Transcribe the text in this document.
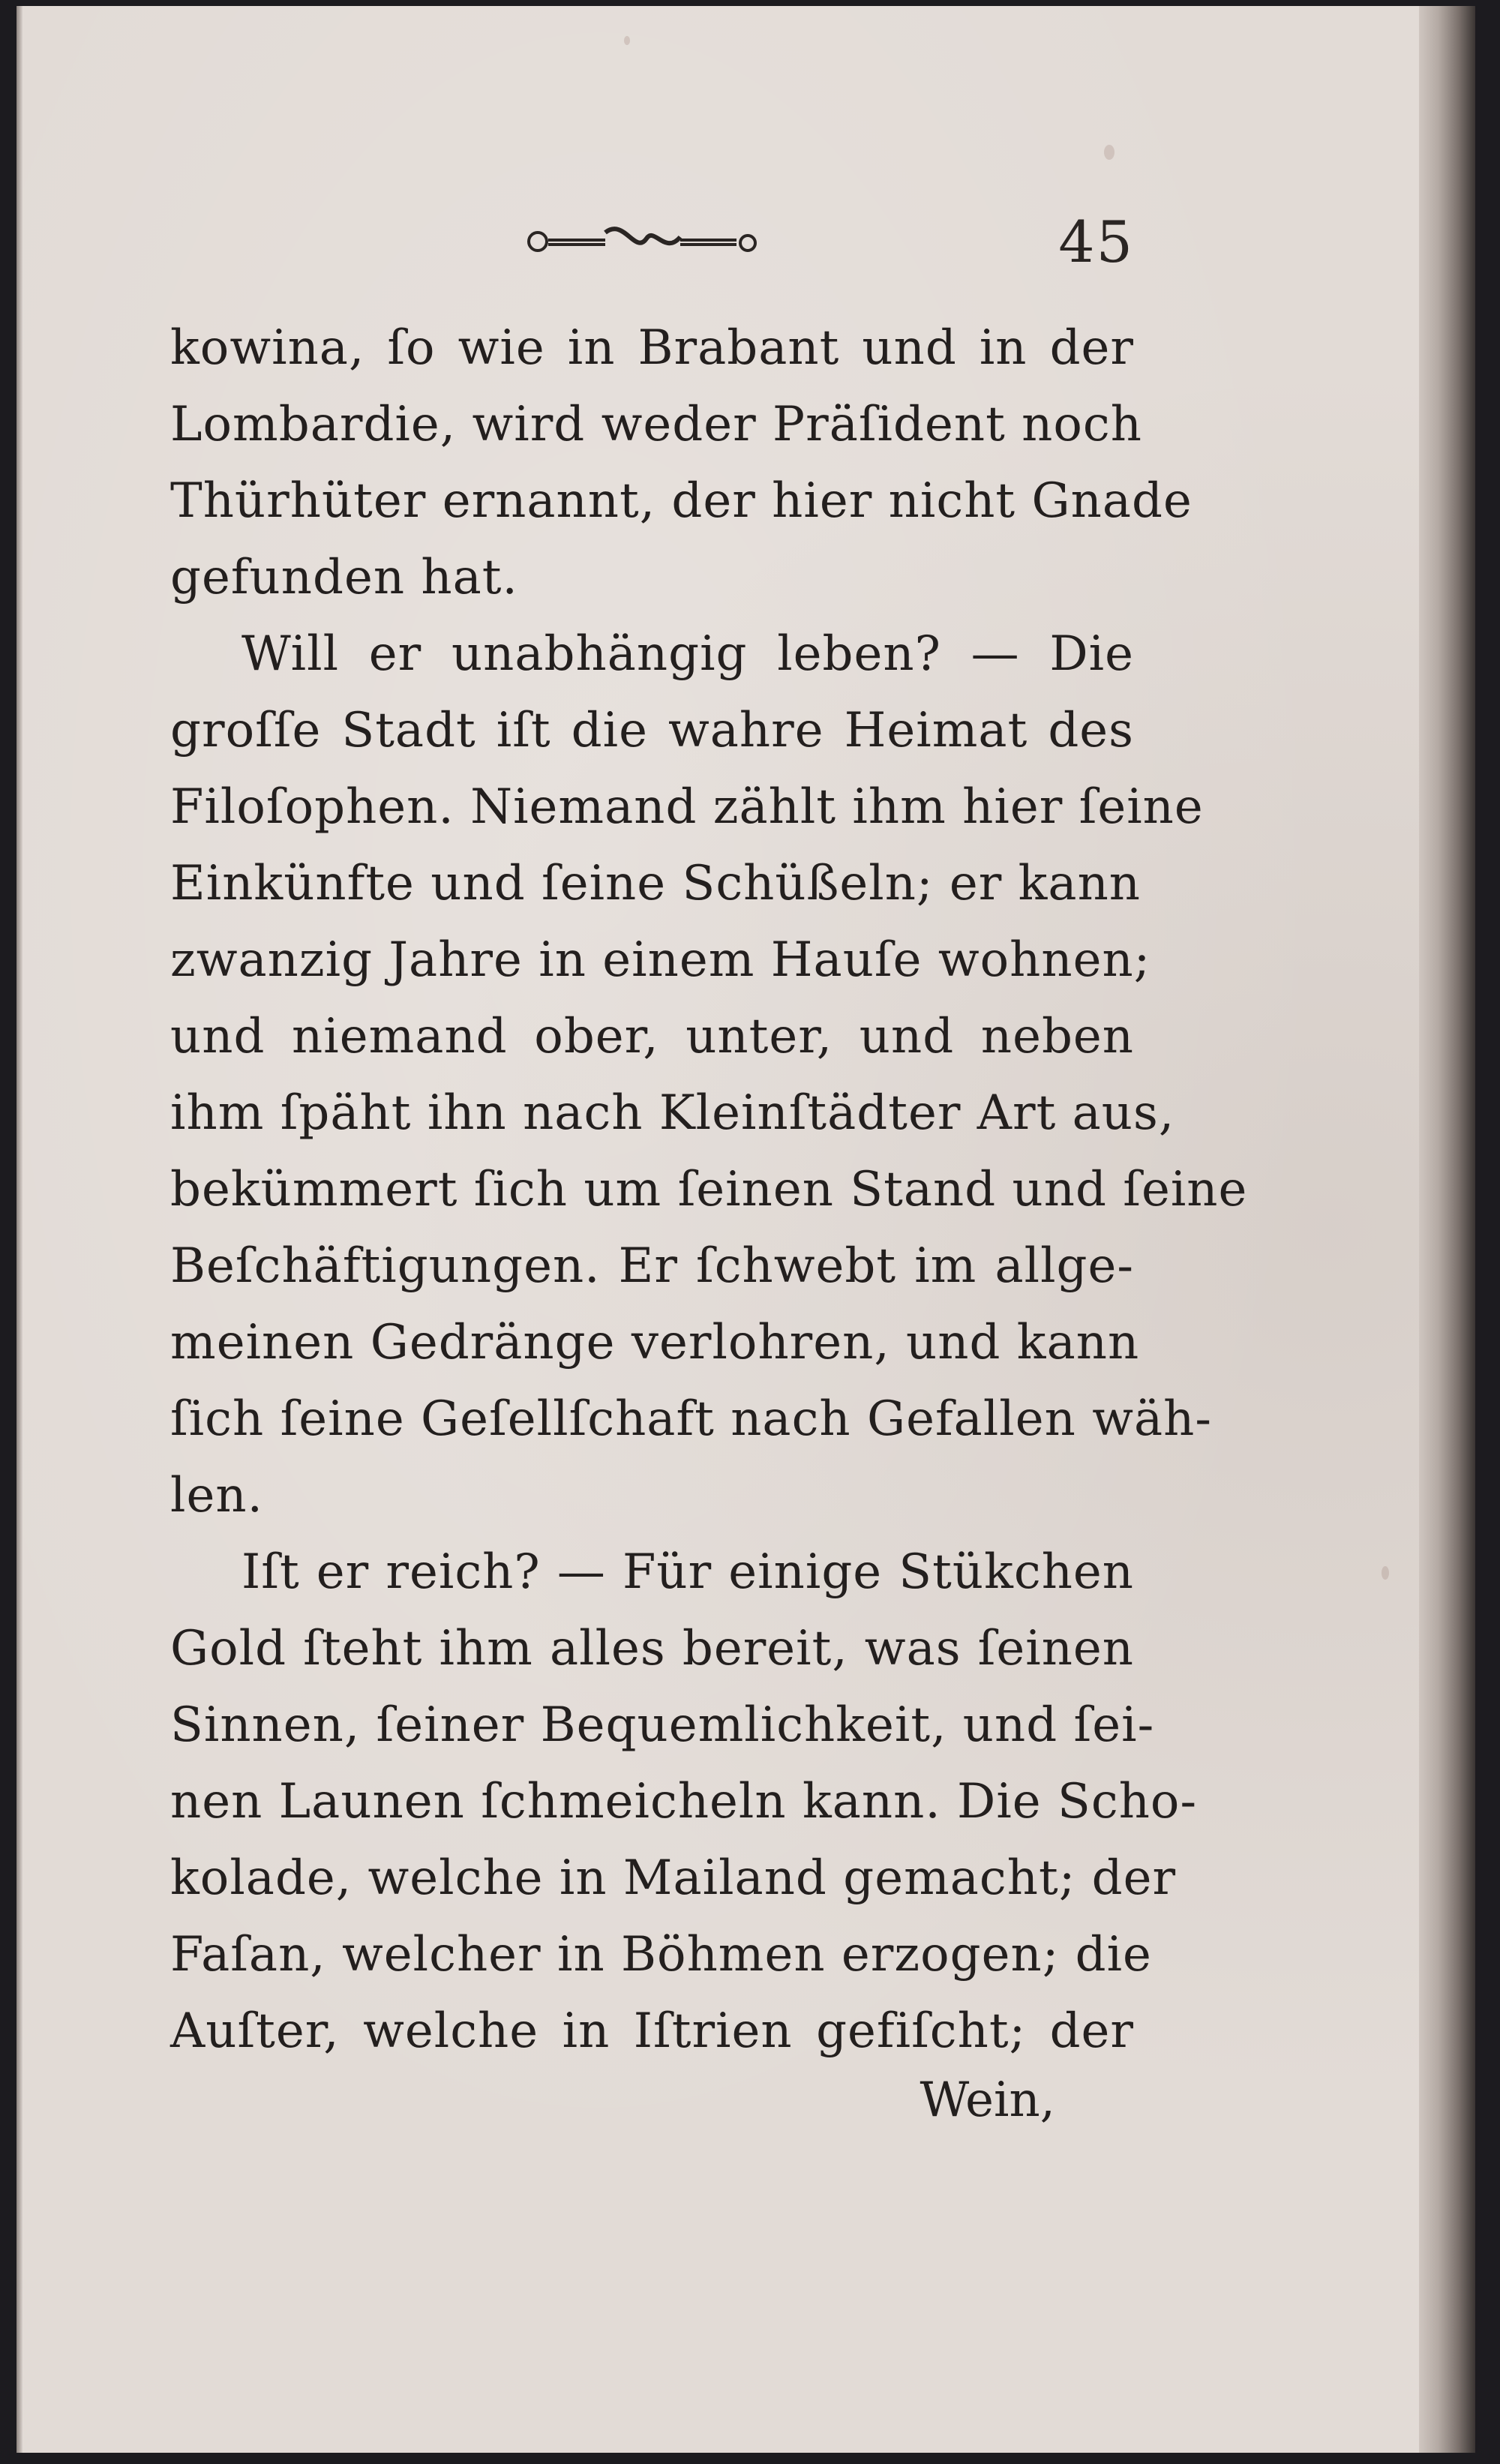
45
kowina, ſo wie in Brabant und in der
Lombardie, wird weder Präſident noch
Thürhüter ernannt, der hier nicht Gnade
gefunden hat.
Will er unabhängig leben? — Die
groſſe Stadt iſt die wahre Heimat des
Filoſophen. Niemand zählt ihm hier ſeine
Einkünfte und ſeine Schüßeln; er kann
zwanzig Jahre in einem Hauſe wohnen;
und niemand ober, unter, und neben
ihm ſpäht ihn nach Kleinſtädter Art aus,
bekümmert ſich um ſeinen Stand und ſeine
Beſchäftigungen. Er ſchwebt im allge-
meinen Gedränge verlohren, und kann
ſich ſeine Geſellſchaft nach Gefallen wäh-
len.
Iſt er reich? — Für einige Stükchen
Gold ſteht ihm alles bereit, was ſeinen
Sinnen, ſeiner Bequemlichkeit, und ſei-
nen Launen ſchmeicheln kann. Die Scho-
kolade, welche in Mailand gemacht; der
Faſan, welcher in Böhmen erzogen; die
Auſter, welche in Iſtrien gefiſcht; der
Wein,
